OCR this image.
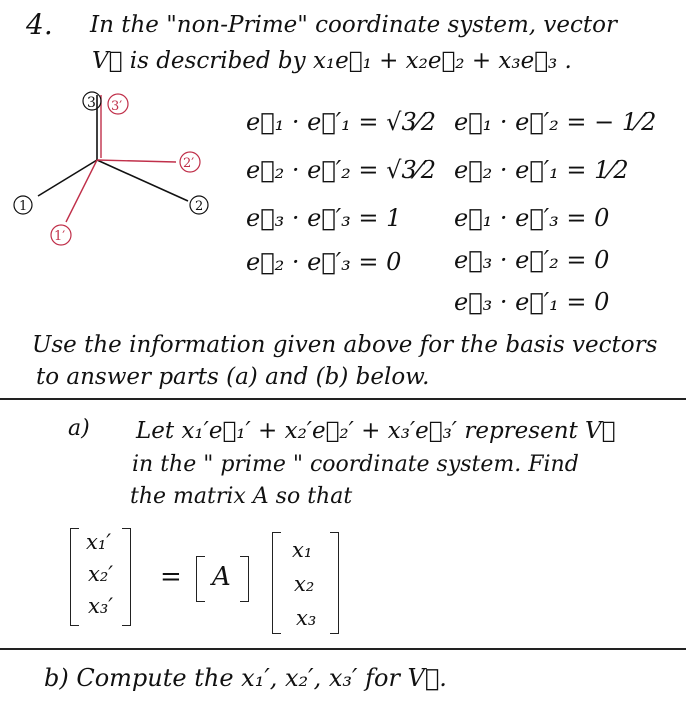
3 3′
1
1′
2
2′
4. In the "non-Prime" coordinate system, vector
V⃗ is described by x₁e⃗₁ + x₂e⃗₂ + x₃e⃗₃ .
e⃗₁ · e⃗′₁ = √3⁄2
e⃗₂ · e⃗′₂ = √3⁄2
e⃗₃ · e⃗′₃ = 1
e⃗₂ · e⃗′₃ = 0
e⃗₁ · e⃗′₂ = − 1⁄2
e⃗₂ · e⃗′₁ = 1⁄2
e⃗₁ · e⃗′₃ = 0
e⃗₃ · e⃗′₂ = 0
e⃗₃ · e⃗′₁ = 0
Use the information given above for the basis vectors
to answer parts (a) and (b) below.
a) Let x₁′e⃗₁′ + x₂′e⃗₂′ + x₃′e⃗₃′ represent V⃗
in the " prime " coordinate system. Find
the matrix A so that
x₁′
x₂′
x₃′
= A
x₁
x₂
x₃
b) Compute the x₁′, x₂′, x₃′ for V⃗.
